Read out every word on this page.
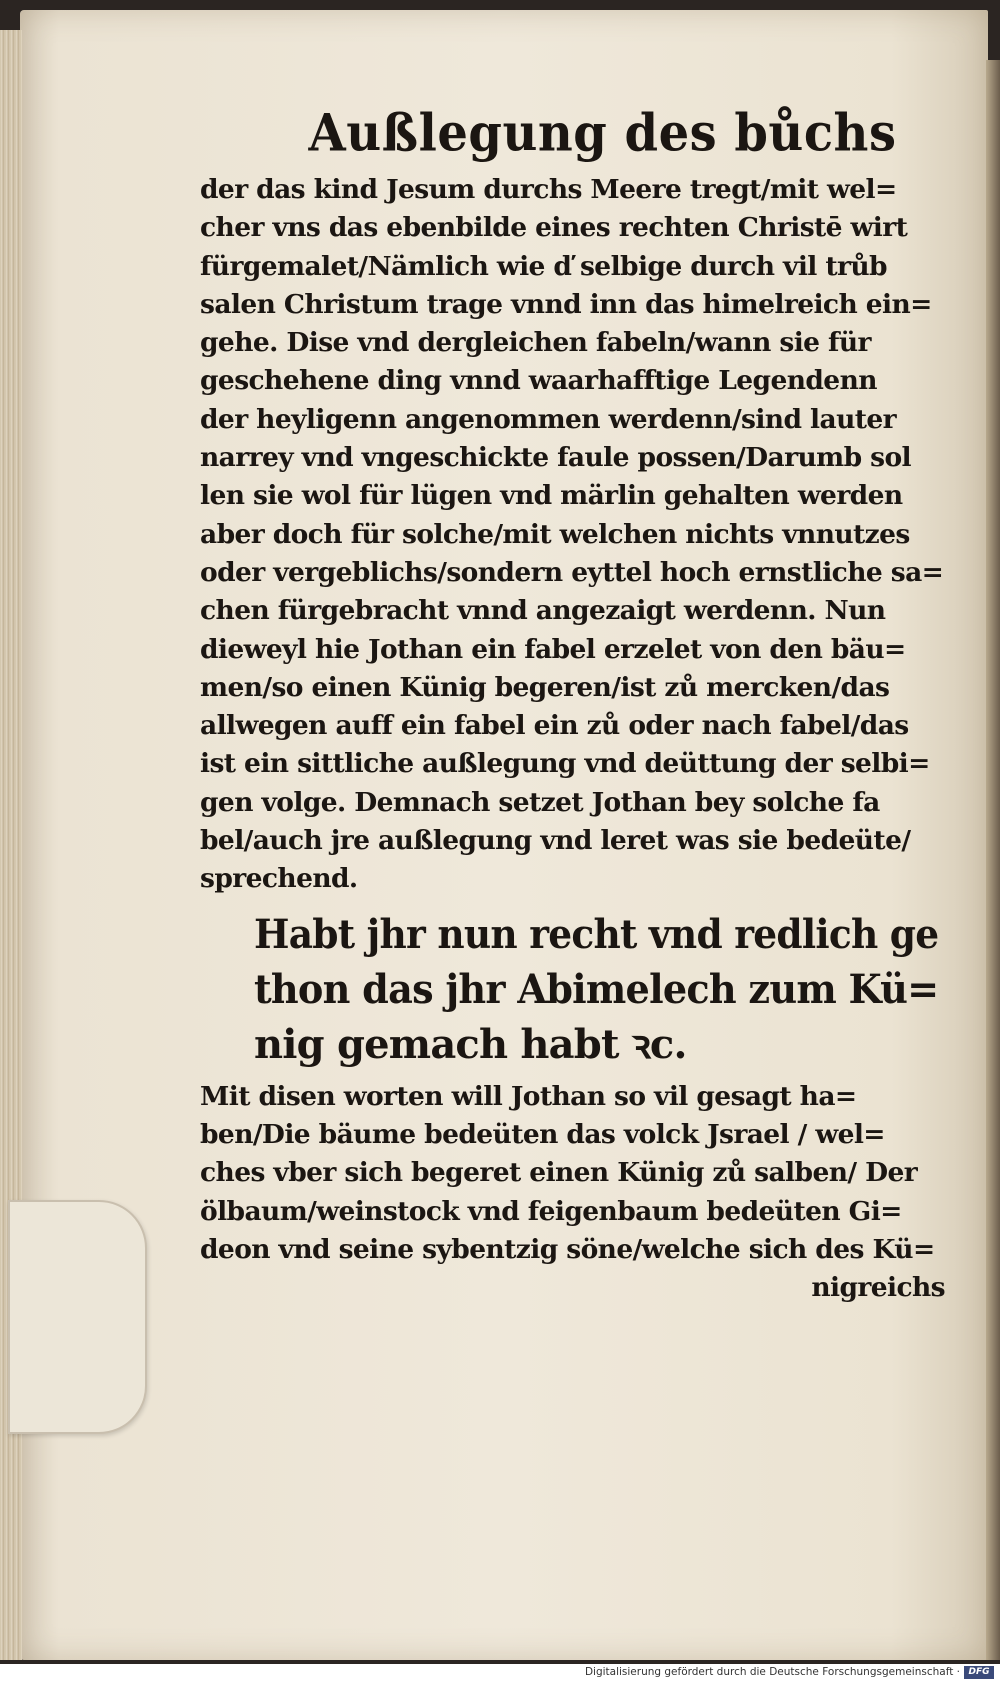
Außlegung des bůchs
der das kind Jesum durchs Meere tregt/mit wel=
cher vns das ebenbilde eines rechten Christē wirt
fürgemalet/Nämlich wie ď selbige durch vil trůb
salen Christum trage vnnd inn das himelreich ein=
gehe. Dise vnd dergleichen fabeln/wann sie für
geschehene ding vnnd waarhafftige Legendenn
der heyligenn angenommen werdenn/sind lauter
narrey vnd vngeschickte faule possen/Darumb sol
len sie wol für lügen vnd märlin gehalten werden
aber doch für solche/mit welchen nichts vnnutzes
oder vergeblichs/sondern eyttel hoch ernstliche sa=
chen fürgebracht vnnd angezaigt werdenn. Nun
dieweyl hie Jothan ein fabel erzelet von den bäu=
men/so einen Künig begeren/ist zů mercken/das
allwegen auff ein fabel ein zů oder nach fabel/das
ist ein sittliche außlegung vnd deüttung der selbi=
gen volge. Demnach setzet Jothan bey solche fa
bel/auch jre außlegung vnd leret was sie bedeüte/
sprechend.
Habt jhr nun recht vnd redlich ge
thon das jhr Abimelech zum Kü=
nig gemach habt ꝛc.
Mit disen worten will Jothan so vil gesagt ha=
ben/Die bäume bedeüten das volck Jsrael / wel=
ches vber sich begeret einen Künig zů salben/ Der
ölbaum/weinstock vnd feigenbaum bedeüten Gi=
deon vnd seine sybentzig söne/welche sich des Kü=
nigreichs
Digitalisierung gefördert durch die Deutsche Forschungsgemeinschaft · DFG
